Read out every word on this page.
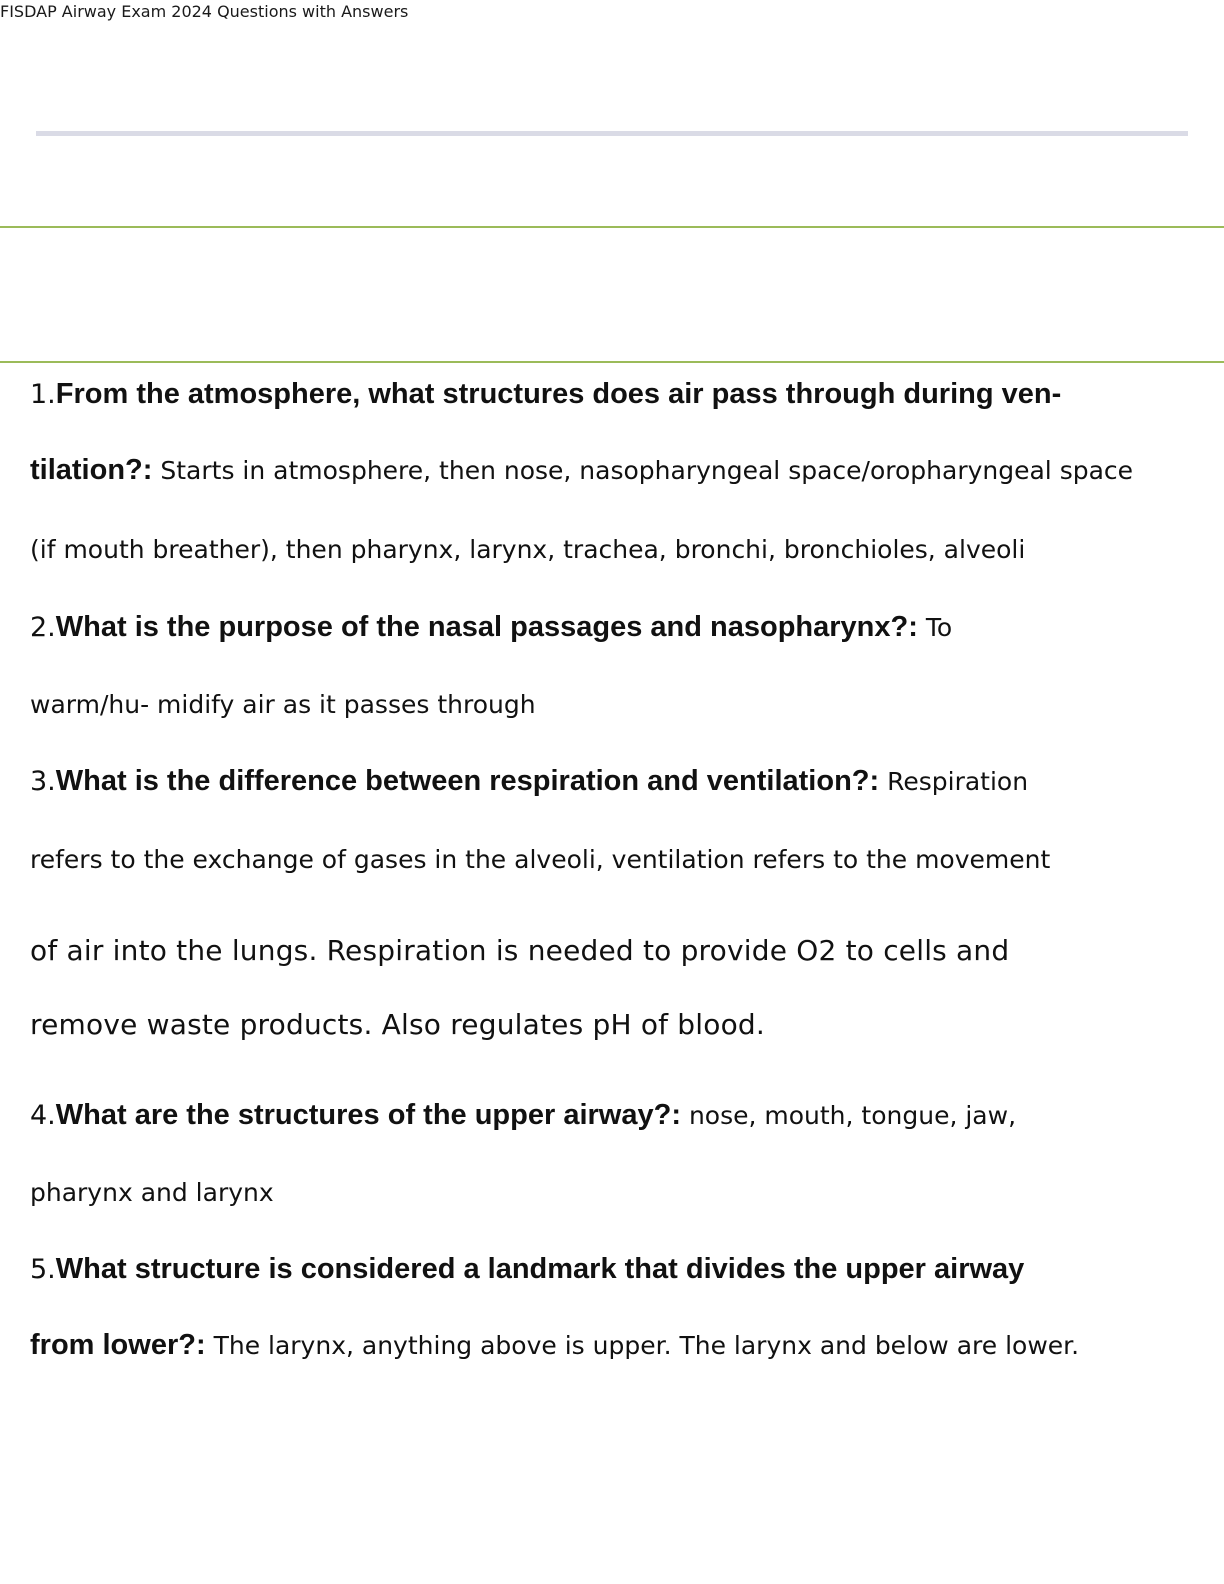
FISDAP Airway Exam 2024 Questions with Answers
1.From the atmosphere, what structures does air pass through during ven-
tilation?: Starts in atmosphere, then nose, nasopharyngeal space/oropharyngeal space
(if mouth breather), then pharynx, larynx, trachea, bronchi, bronchioles, alveoli
2.What is the purpose of the nasal passages and nasopharynx?: To
warm/hu- midify air as it passes through
3.What is the difference between respiration and ventilation?: Respiration
refers to the exchange of gases in the alveoli, ventilation refers to the movement
of air into the lungs. Respiration is needed to provide O2 to cells and
remove waste products. Also regulates pH of blood.
4.What are the structures of the upper airway?: nose, mouth, tongue, jaw,
pharynx and larynx
5.What structure is considered a landmark that divides the upper airway
from lower?: The larynx, anything above is upper. The larynx and below are lower.
